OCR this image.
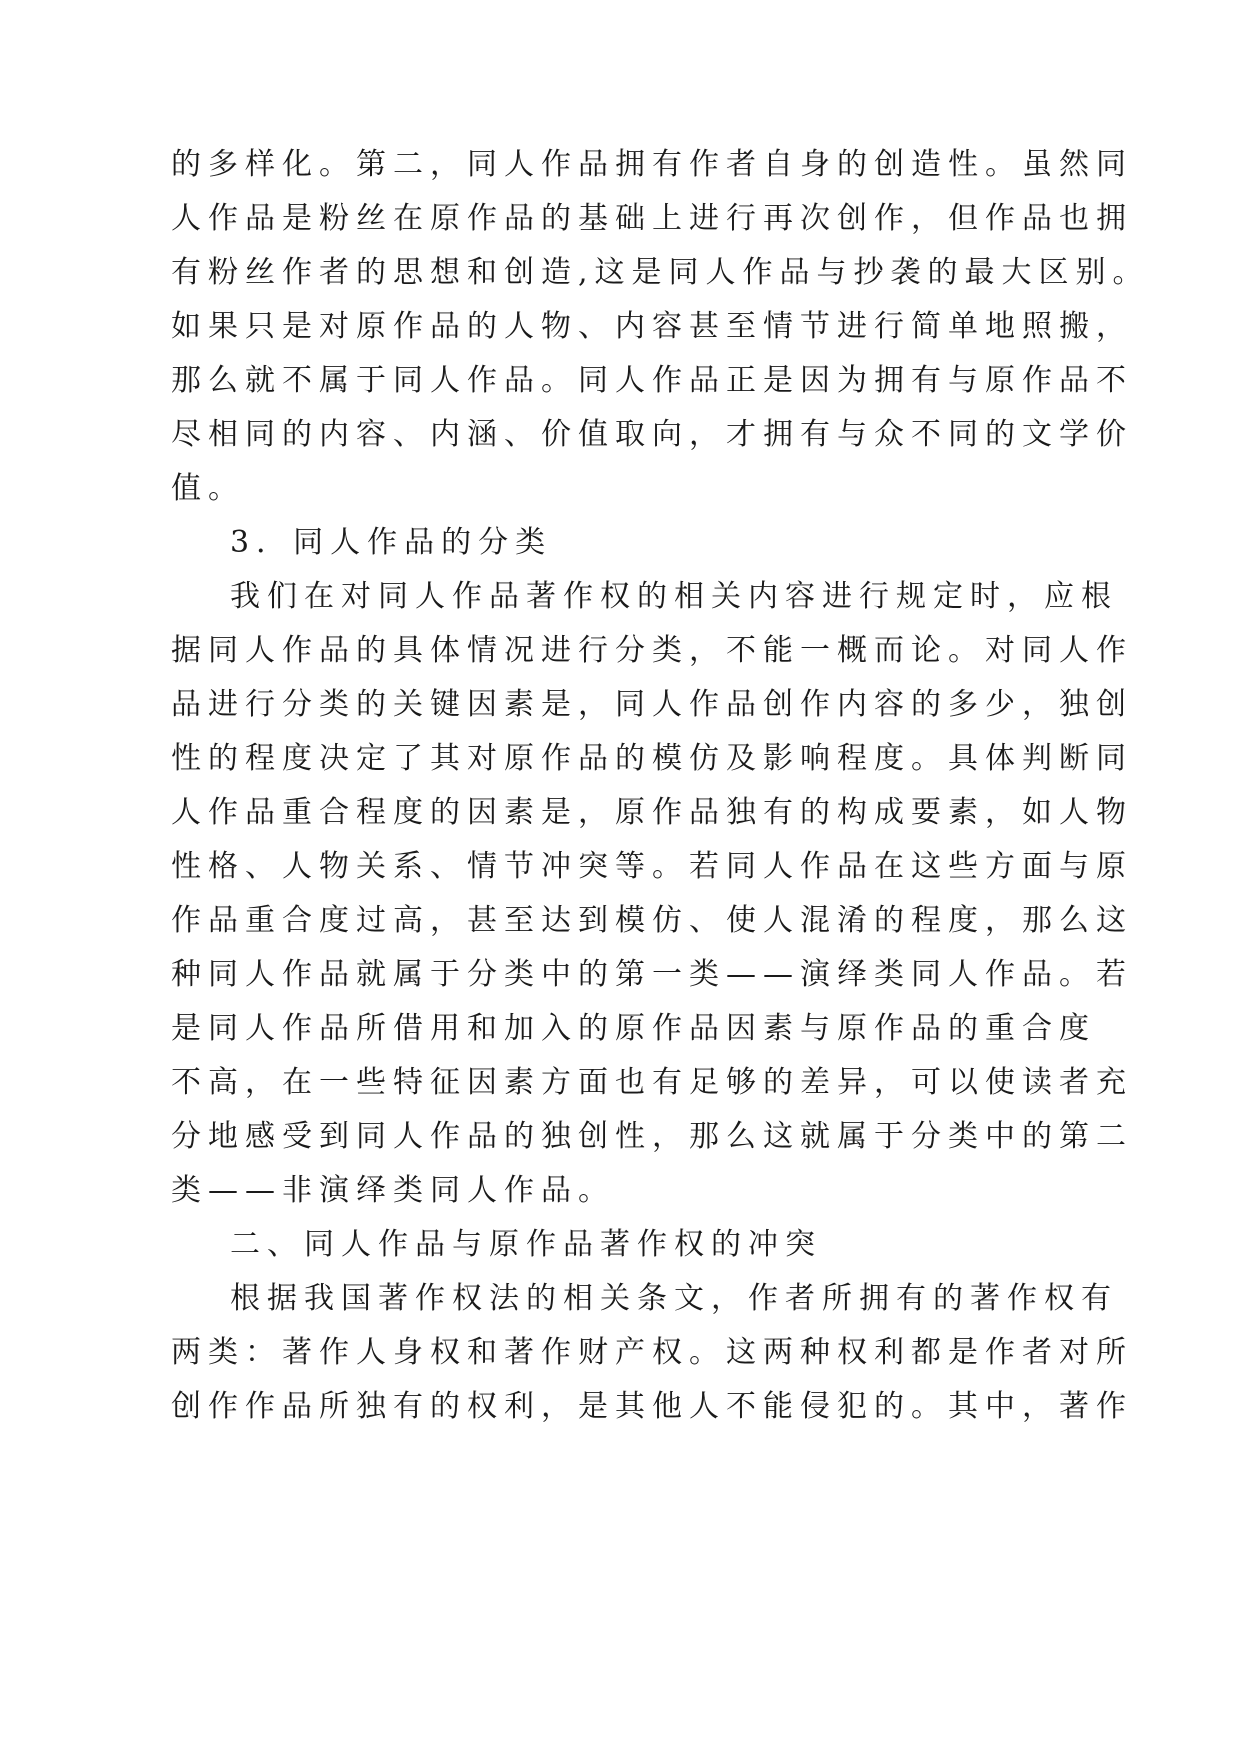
的多样化。第二，同人作品拥有作者自身的创造性。虽然同
人作品是粉丝在原作品的基础上进行再次创作，但作品也拥
有粉丝作者的思想和创造,这是同人作品与抄袭的最大区别。
如果只是对原作品的人物、内容甚至情节进行简单地照搬，
那么就不属于同人作品。同人作品正是因为拥有与原作品不
尽相同的内容、内涵、价值取向，才拥有与众不同的文学价
值。
3．同人作品的分类
我们在对同人作品著作权的相关内容进行规定时，应根
据同人作品的具体情况进行分类，不能一概而论。对同人作
品进行分类的关键因素是，同人作品创作内容的多少，独创
性的程度决定了其对原作品的模仿及影响程度。具体判断同
人作品重合程度的因素是，原作品独有的构成要素，如人物
性格、人物关系、情节冲突等。若同人作品在这些方面与原
作品重合度过高，甚至达到模仿、使人混淆的程度，那么这
种同人作品就属于分类中的第一类——演绎类同人作品。若
是同人作品所借用和加入的原作品因素与原作品的重合度
不高，在一些特征因素方面也有足够的差异，可以使读者充
分地感受到同人作品的独创性，那么这就属于分类中的第二
类——非演绎类同人作品。
二、同人作品与原作品著作权的冲突
根据我国著作权法的相关条文，作者所拥有的著作权有
两类：著作人身权和著作财产权。这两种权利都是作者对所
创作作品所独有的权利，是其他人不能侵犯的。其中，著作
